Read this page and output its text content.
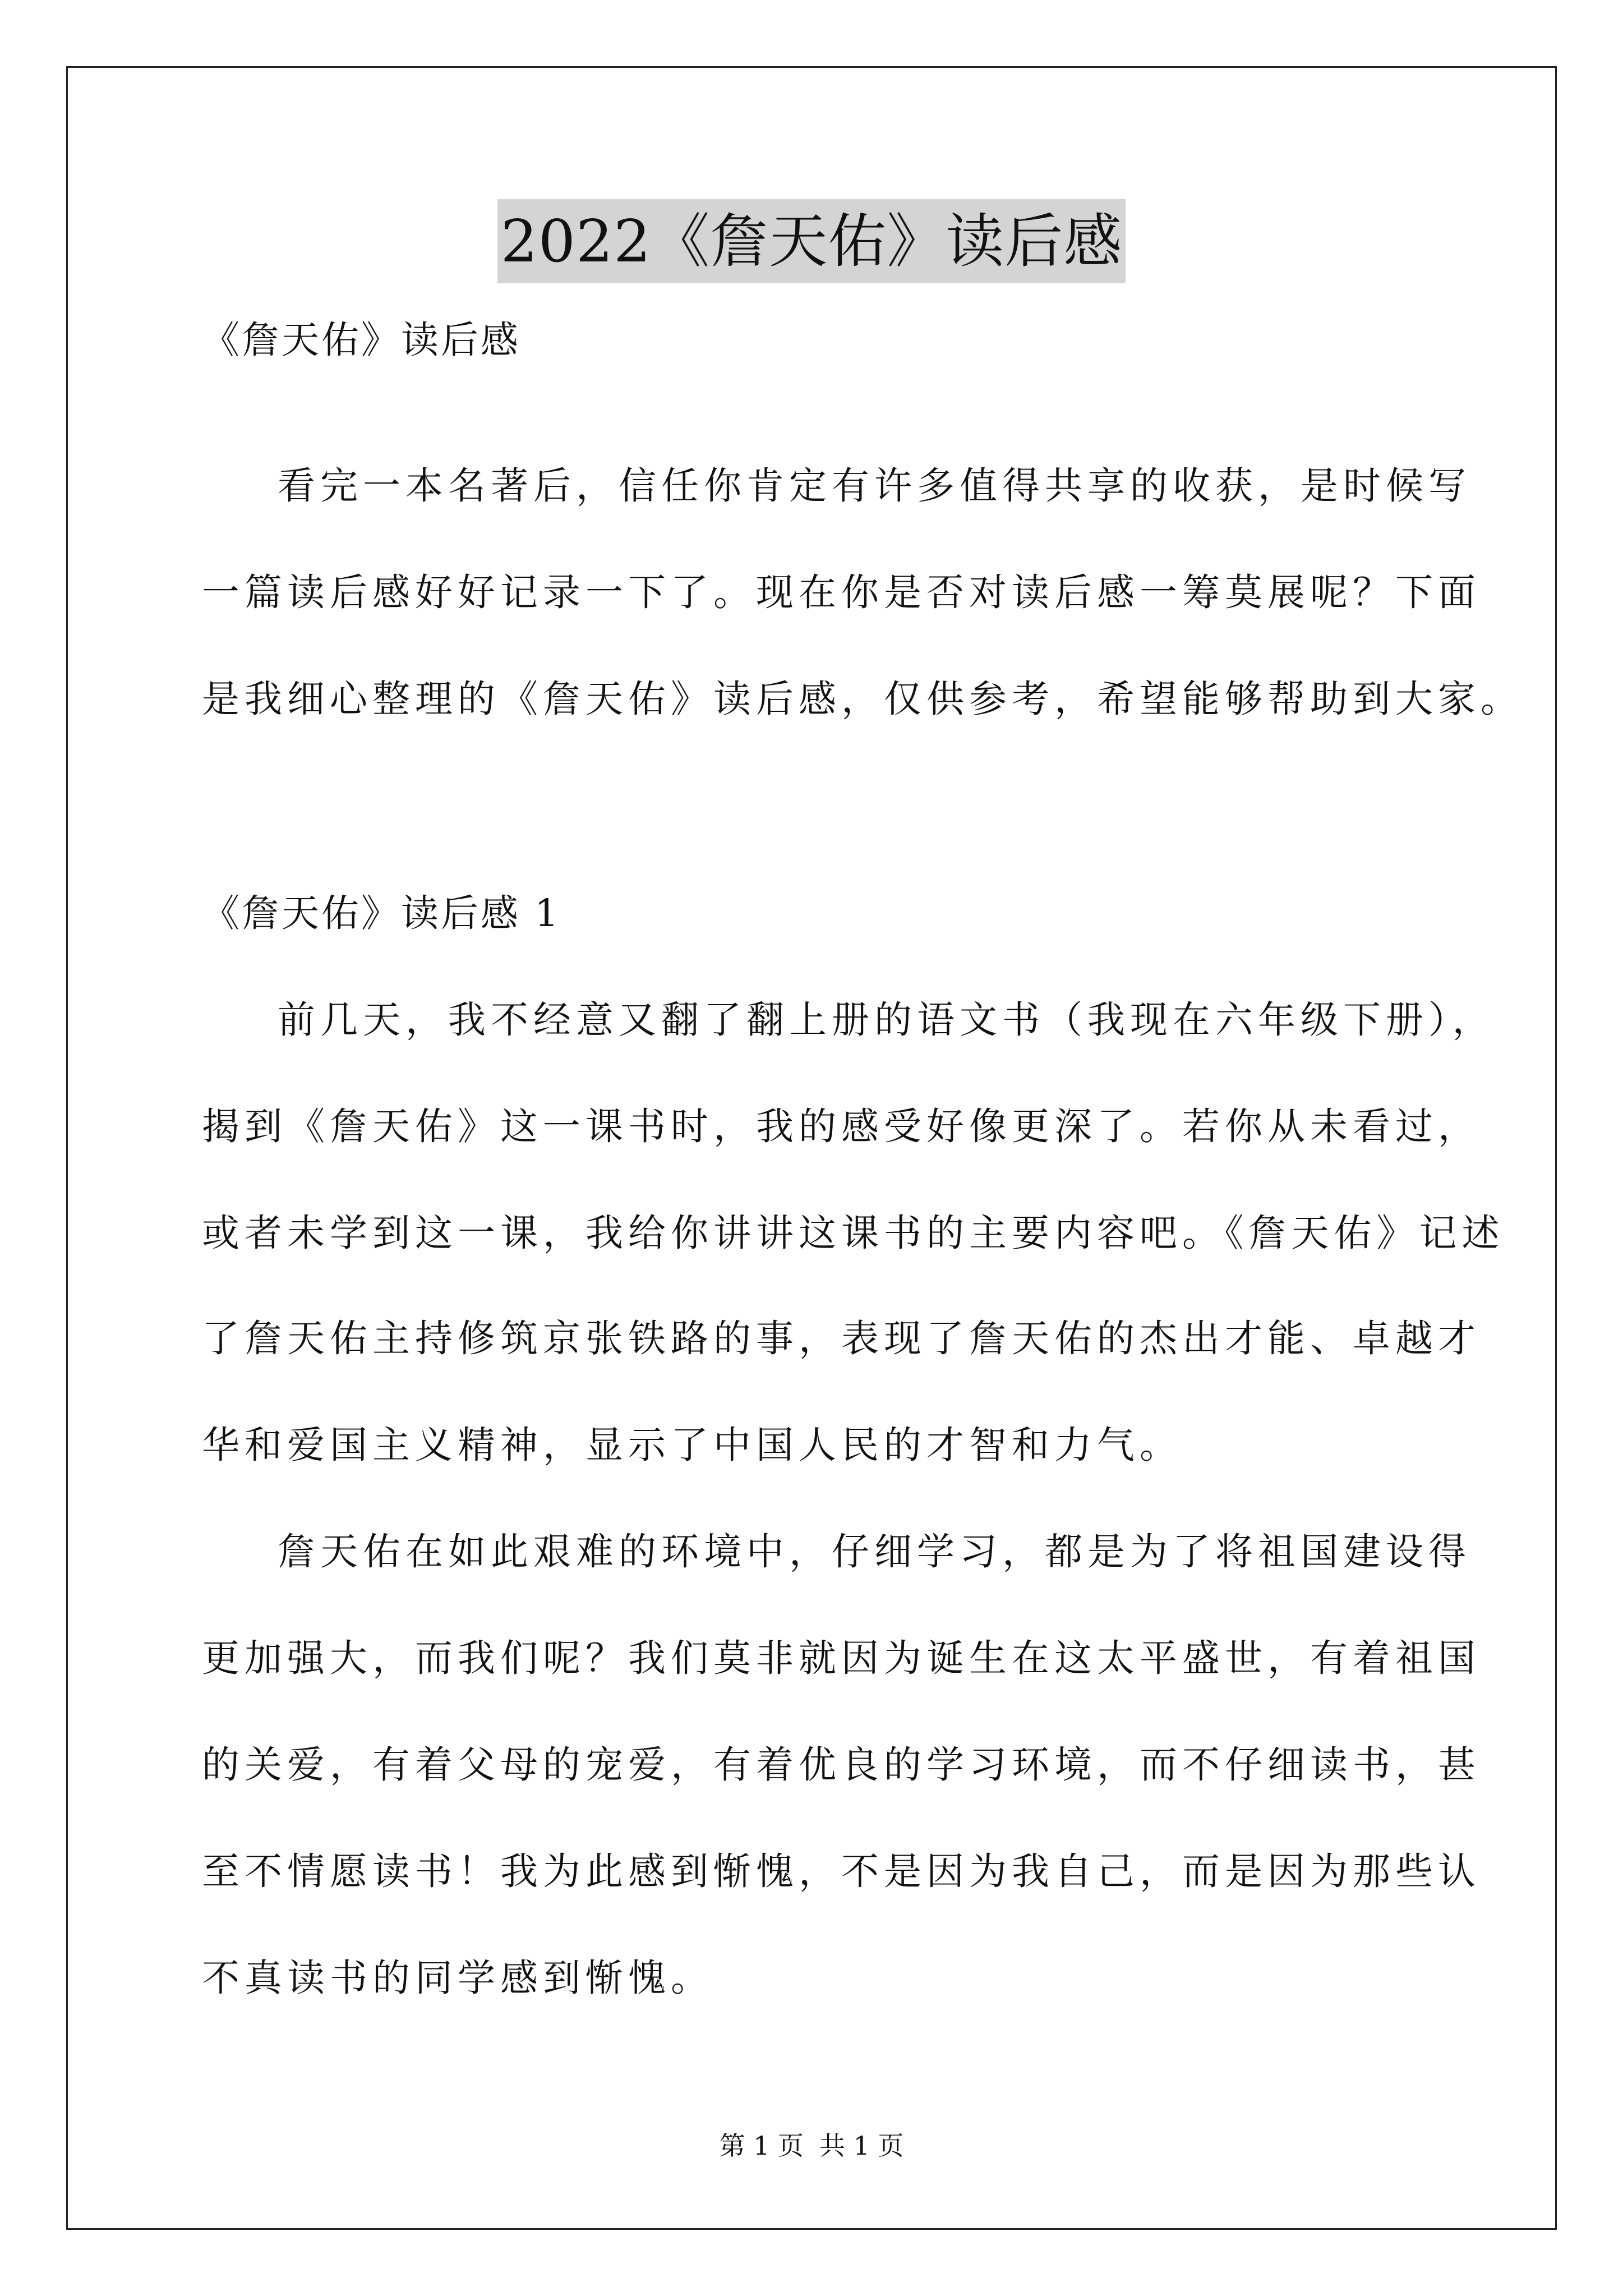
2022《詹天佑》读后感
《詹天佑》读后感
看完一本名著后，信任你肯定有许多值得共享的收获，是时候写
一篇读后感好好记录一下了。现在你是否对读后感一筹莫展呢？下面
是我细心整理的《詹天佑》读后感，仅供参考，希望能够帮助到大家。
《詹天佑》读后感 1
前几天，我不经意又翻了翻上册的语文书（我现在六年级下册），
揭到《詹天佑》这一课书时，我的感受好像更深了。若你从未看过，
或者未学到这一课，我给你讲讲这课书的主要内容吧。《詹天佑》记述
了詹天佑主持修筑京张铁路的事，表现了詹天佑的杰出才能、卓越才
华和爱国主义精神，显示了中国人民的才智和力气。
詹天佑在如此艰难的环境中，仔细学习，都是为了将祖国建设得
更加强大，而我们呢？我们莫非就因为诞生在这太平盛世，有着祖国
的关爱，有着父母的宠爱，有着优良的学习环境，而不仔细读书，甚
至不情愿读书！我为此感到惭愧，不是因为我自己，而是因为那些认
不真读书的同学感到惭愧。
第 1 页 共 1 页
